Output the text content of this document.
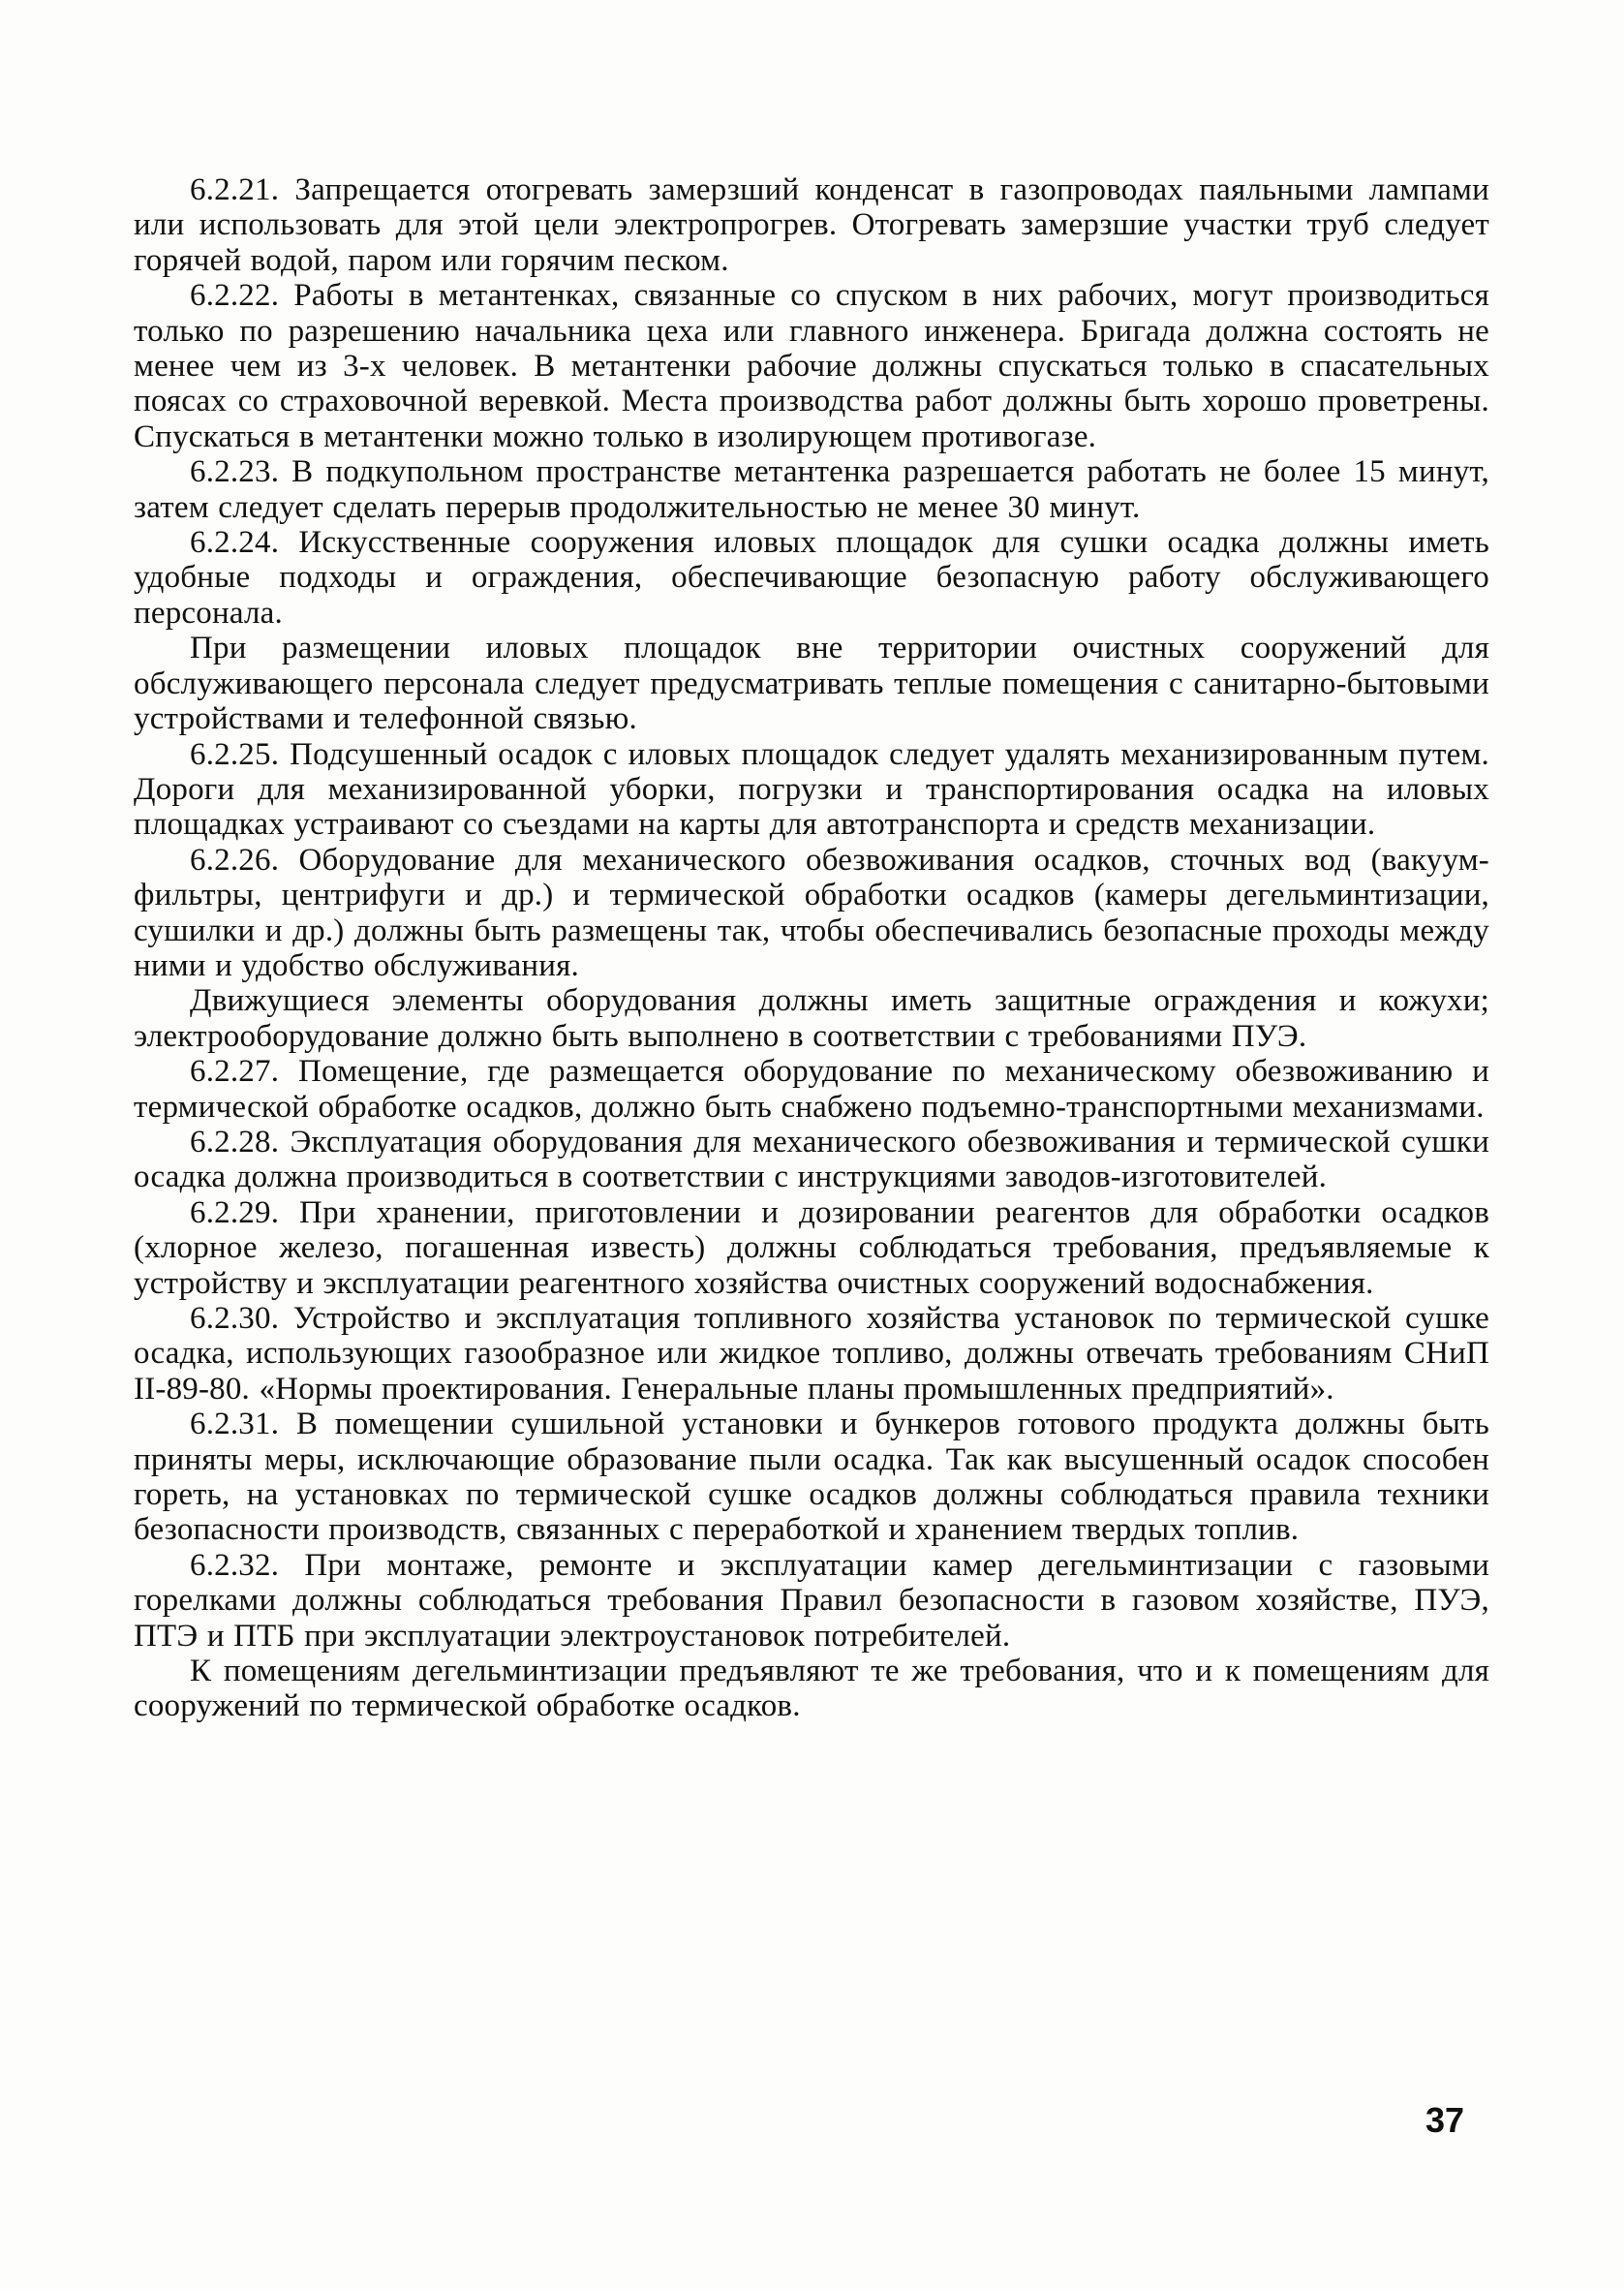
6.2.21. Запрещается отогревать замерзший конденсат в газопроводах паяльными лампами или использовать для этой цели электропрогрев. Отогревать замерзшие участки труб следует горячей водой, паром или горячим песком.

6.2.22. Работы в метантенках, связанные со спуском в них рабочих, могут производиться только по разрешению начальника цеха или главного инженера. Бригада должна состоять не менее чем из 3-х человек. В метантенки рабочие должны спускаться только в спасательных поясах со страховочной веревкой. Места производства работ должны быть хорошо проветрены. Спускаться в метантенки можно только в изолирующем противогазе.

6.2.23. В подкупольном пространстве метантенка разрешается работать не более 15 минут, затем следует сделать перерыв продолжительностью не менее 30 минут.

6.2.24. Искусственные сооружения иловых площадок для сушки осадка должны иметь удобные подходы и ограждения, обеспечивающие безопасную работу обслуживающего персонала.

При размещении иловых площадок вне территории очистных сооружений для обслуживающего персонала следует предусматривать теплые помещения с санитарно-бытовыми устройствами и телефонной связью.

6.2.25. Подсушенный осадок с иловых площадок следует удалять механизированным путем. Дороги для механизированной уборки, погрузки и транспортирования осадка на иловых площадках устраивают со съездами на карты для автотранспорта и средств механизации.

6.2.26. Оборудование для механического обезвоживания осадков, сточных вод (вакуум-фильтры, центрифуги и др.) и термической обработки осадков (камеры дегельминтизации, сушилки и др.) должны быть размещены так, чтобы обеспечивались безопасные проходы между ними и удобство обслуживания.

Движущиеся элементы оборудования должны иметь защитные ограждения и кожухи; электрооборудование должно быть выполнено в соответствии с требованиями ПУЭ.

6.2.27. Помещение, где размещается оборудование по механическому обезвоживанию и термической обработке осадков, должно быть снабжено подъемно-транспортными механизмами.

6.2.28. Эксплуатация оборудования для механического обезвоживания и термической сушки осадка должна производиться в соответствии с инструкциями заводов-изготовителей.

6.2.29. При хранении, приготовлении и дозировании реагентов для обработки осадков (хлорное железо, погашенная известь) должны соблюдаться требования, предъявляемые к устройству и эксплуатации реагентного хозяйства очистных сооружений водоснабжения.

6.2.30. Устройство и эксплуатация топливного хозяйства установок по термической сушке осадка, использующих газообразное или жидкое топливо, должны отвечать требованиям СНиП II-89-80. «Нормы проектирования. Генеральные планы промышленных предприятий».

6.2.31. В помещении сушильной установки и бункеров готового продукта должны быть приняты меры, исключающие образование пыли осадка. Так как высушенный осадок способен гореть, на установках по термической сушке осадков должны соблюдаться правила техники безопасности производств, связанных с переработкой и хранением твердых топлив.

6.2.32. При монтаже, ремонте и эксплуатации камер дегельминтизации с газовыми горелками должны соблюдаться требования Правил безопасности в газовом хозяйстве, ПУЭ, ПТЭ и ПТБ при эксплуатации электроустановок потребителей.

К помещениям дегельминтизации предъявляют те же требования, что и к помещениям для сооружений по термической обработке осадков.

37
